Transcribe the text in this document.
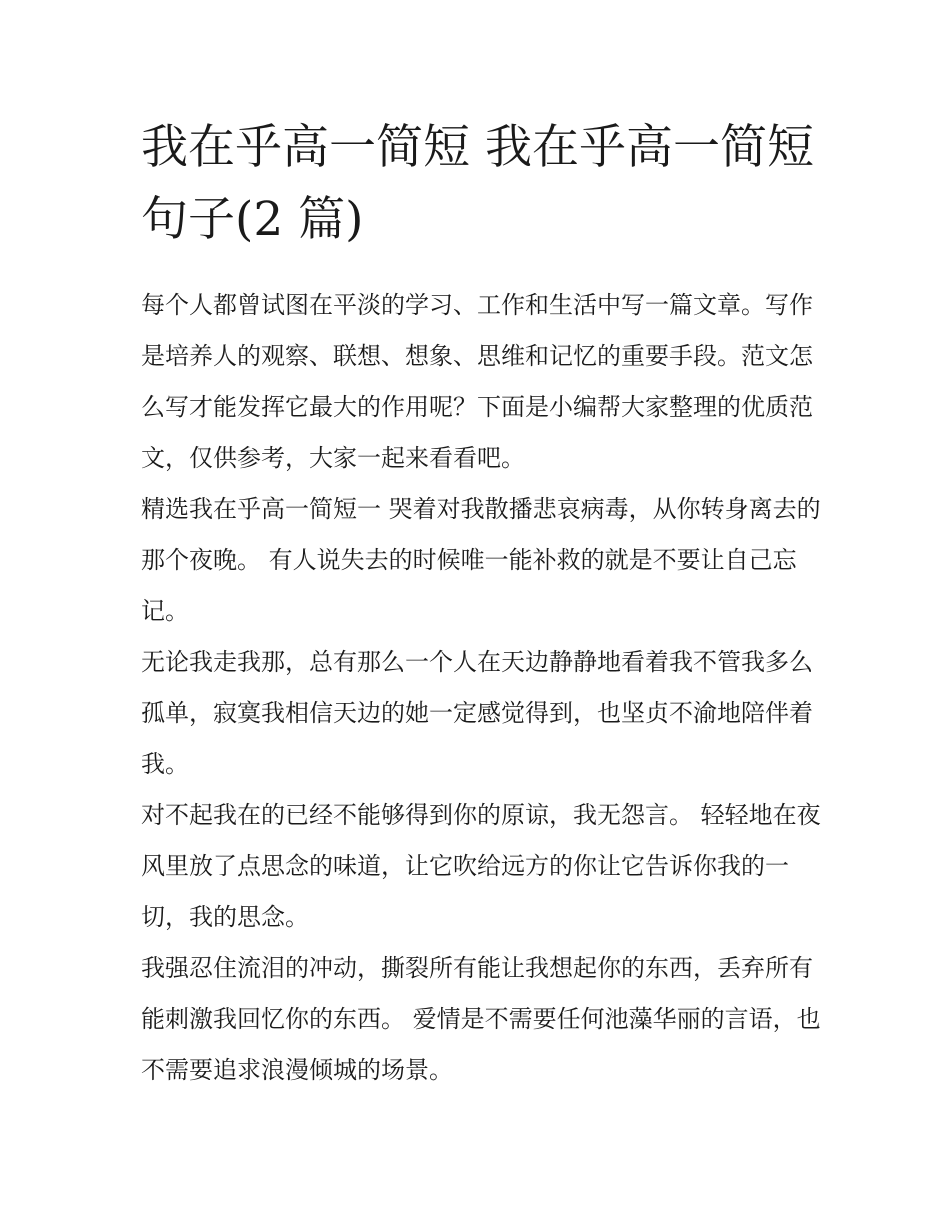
我在乎高一简短 我在乎高一简短句子(2 篇)

每个人都曾试图在平淡的学习、工作和生活中写一篇文章。写作是培养人的观察、联想、想象、思维和记忆的重要手段。范文怎么写才能发挥它最大的作用呢？下面是小编帮大家整理的优质范文，仅供参考，大家一起来看看吧。

精选我在乎高一简短一 哭着对我散播悲哀病毒，从你转身离去的那个夜晚。 有人说失去的时候唯一能补救的就是不要让自己忘记。

无论我走我那，总有那么一个人在天边静静地看着我不管我多么孤单，寂寞我相信天边的她一定感觉得到，也坚贞不渝地陪伴着我。

对不起我在的已经不能够得到你的原谅，我无怨言。 轻轻地在夜风里放了点思念的味道，让它吹给远方的你让它告诉你我的一切，我的思念。

我强忍住流泪的冲动，撕裂所有能让我想起你的东西，丢弃所有能刺激我回忆你的东西。 爱情是不需要任何池藻华丽的言语，也不需要追求浪漫倾城的场景。
